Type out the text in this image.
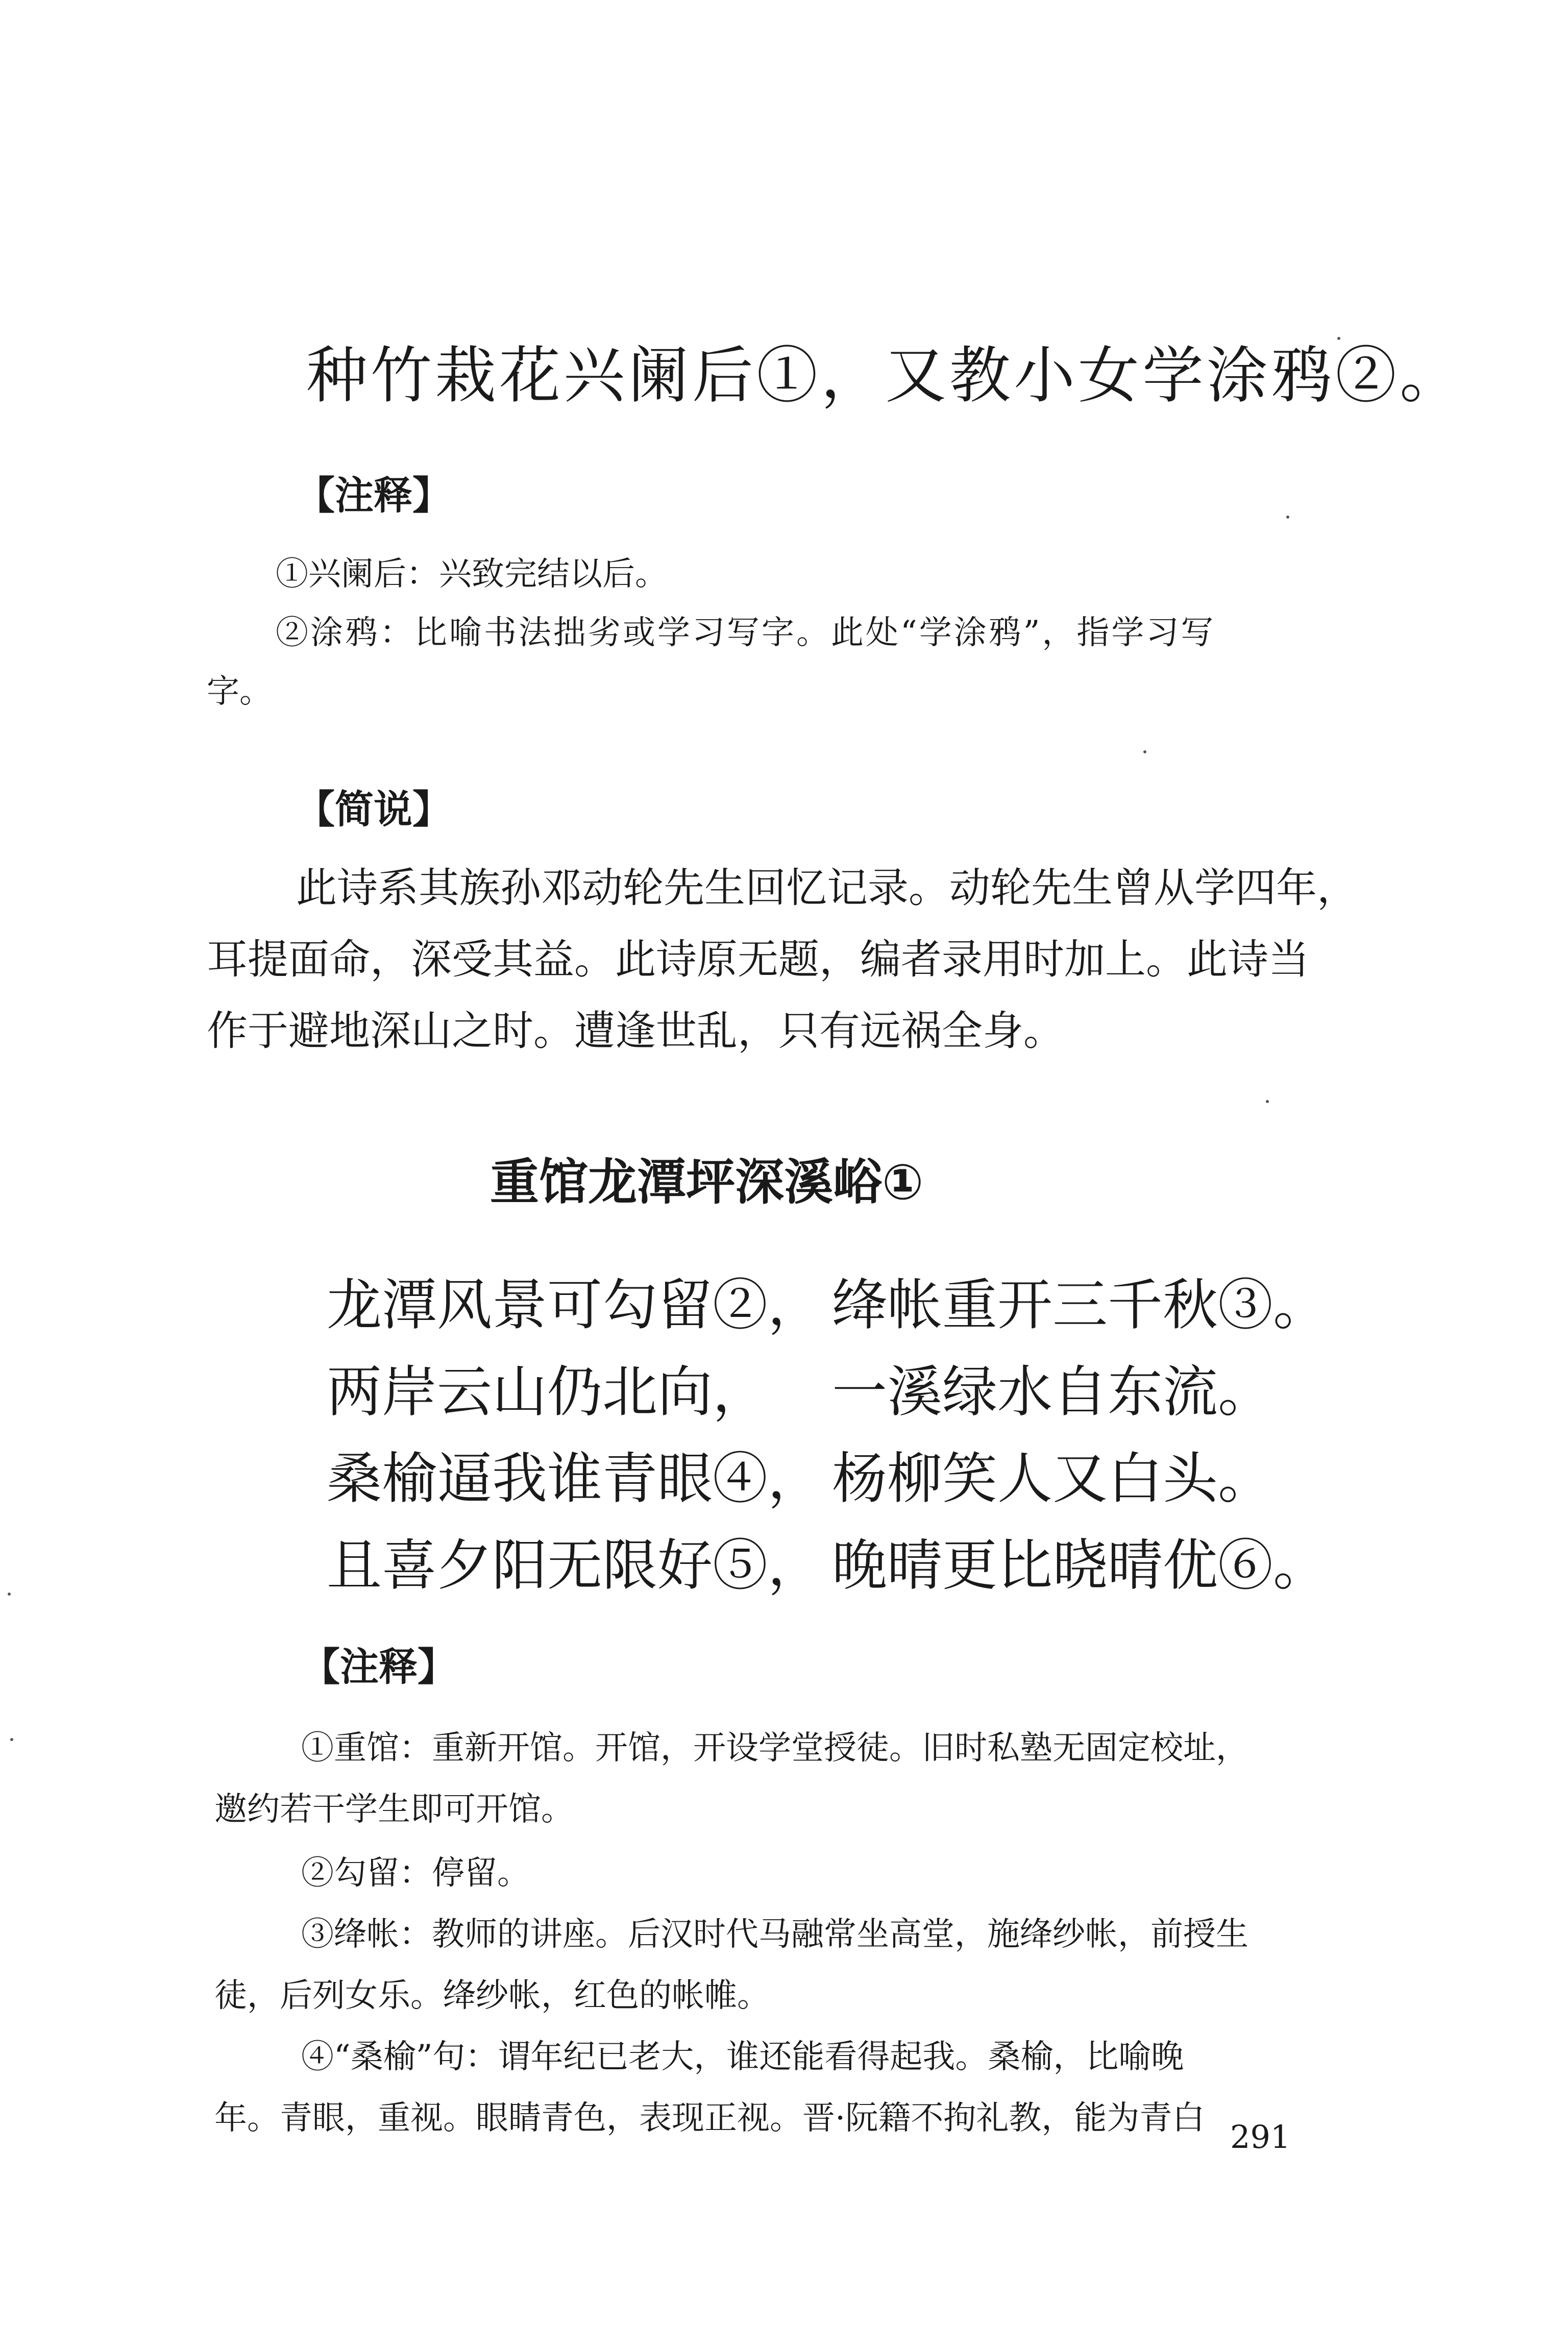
种竹栽花兴阑后①，又教小女学涂鸦②。
【注释】
①兴阑后：兴致完结以后。
②涂鸦：比喻书法拙劣或学习写字。此处“学涂鸦”，指学习写
字。
【简说】
此诗系其族孙邓动轮先生回忆记录。动轮先生曾从学四年，
耳提面命，深受其益。此诗原无题，编者录用时加上。此诗当
作于避地深山之时。遭逢世乱，只有远祸全身。
重馆龙潭坪深溪峪①
龙潭风景可勾留②， 绛帐重开三千秋③。
两岸云山仍北向， 一溪绿水自东流。
桑榆逼我谁青眼④， 杨柳笑人又白头。
且喜夕阳无限好⑤， 晚晴更比晓晴优⑥。
【注释】
①重馆：重新开馆。开馆，开设学堂授徒。旧时私塾无固定校址，
邀约若干学生即可开馆。
②勾留：停留。
③绛帐：教师的讲座。后汉时代马融常坐高堂，施绛纱帐，前授生
徒，后列女乐。绛纱帐，红色的帐帷。
④“桑榆”句：谓年纪已老大，谁还能看得起我。桑榆，比喻晚
年。青眼，重视。眼睛青色，表现正视。晋·阮籍不拘礼教，能为青白 291
